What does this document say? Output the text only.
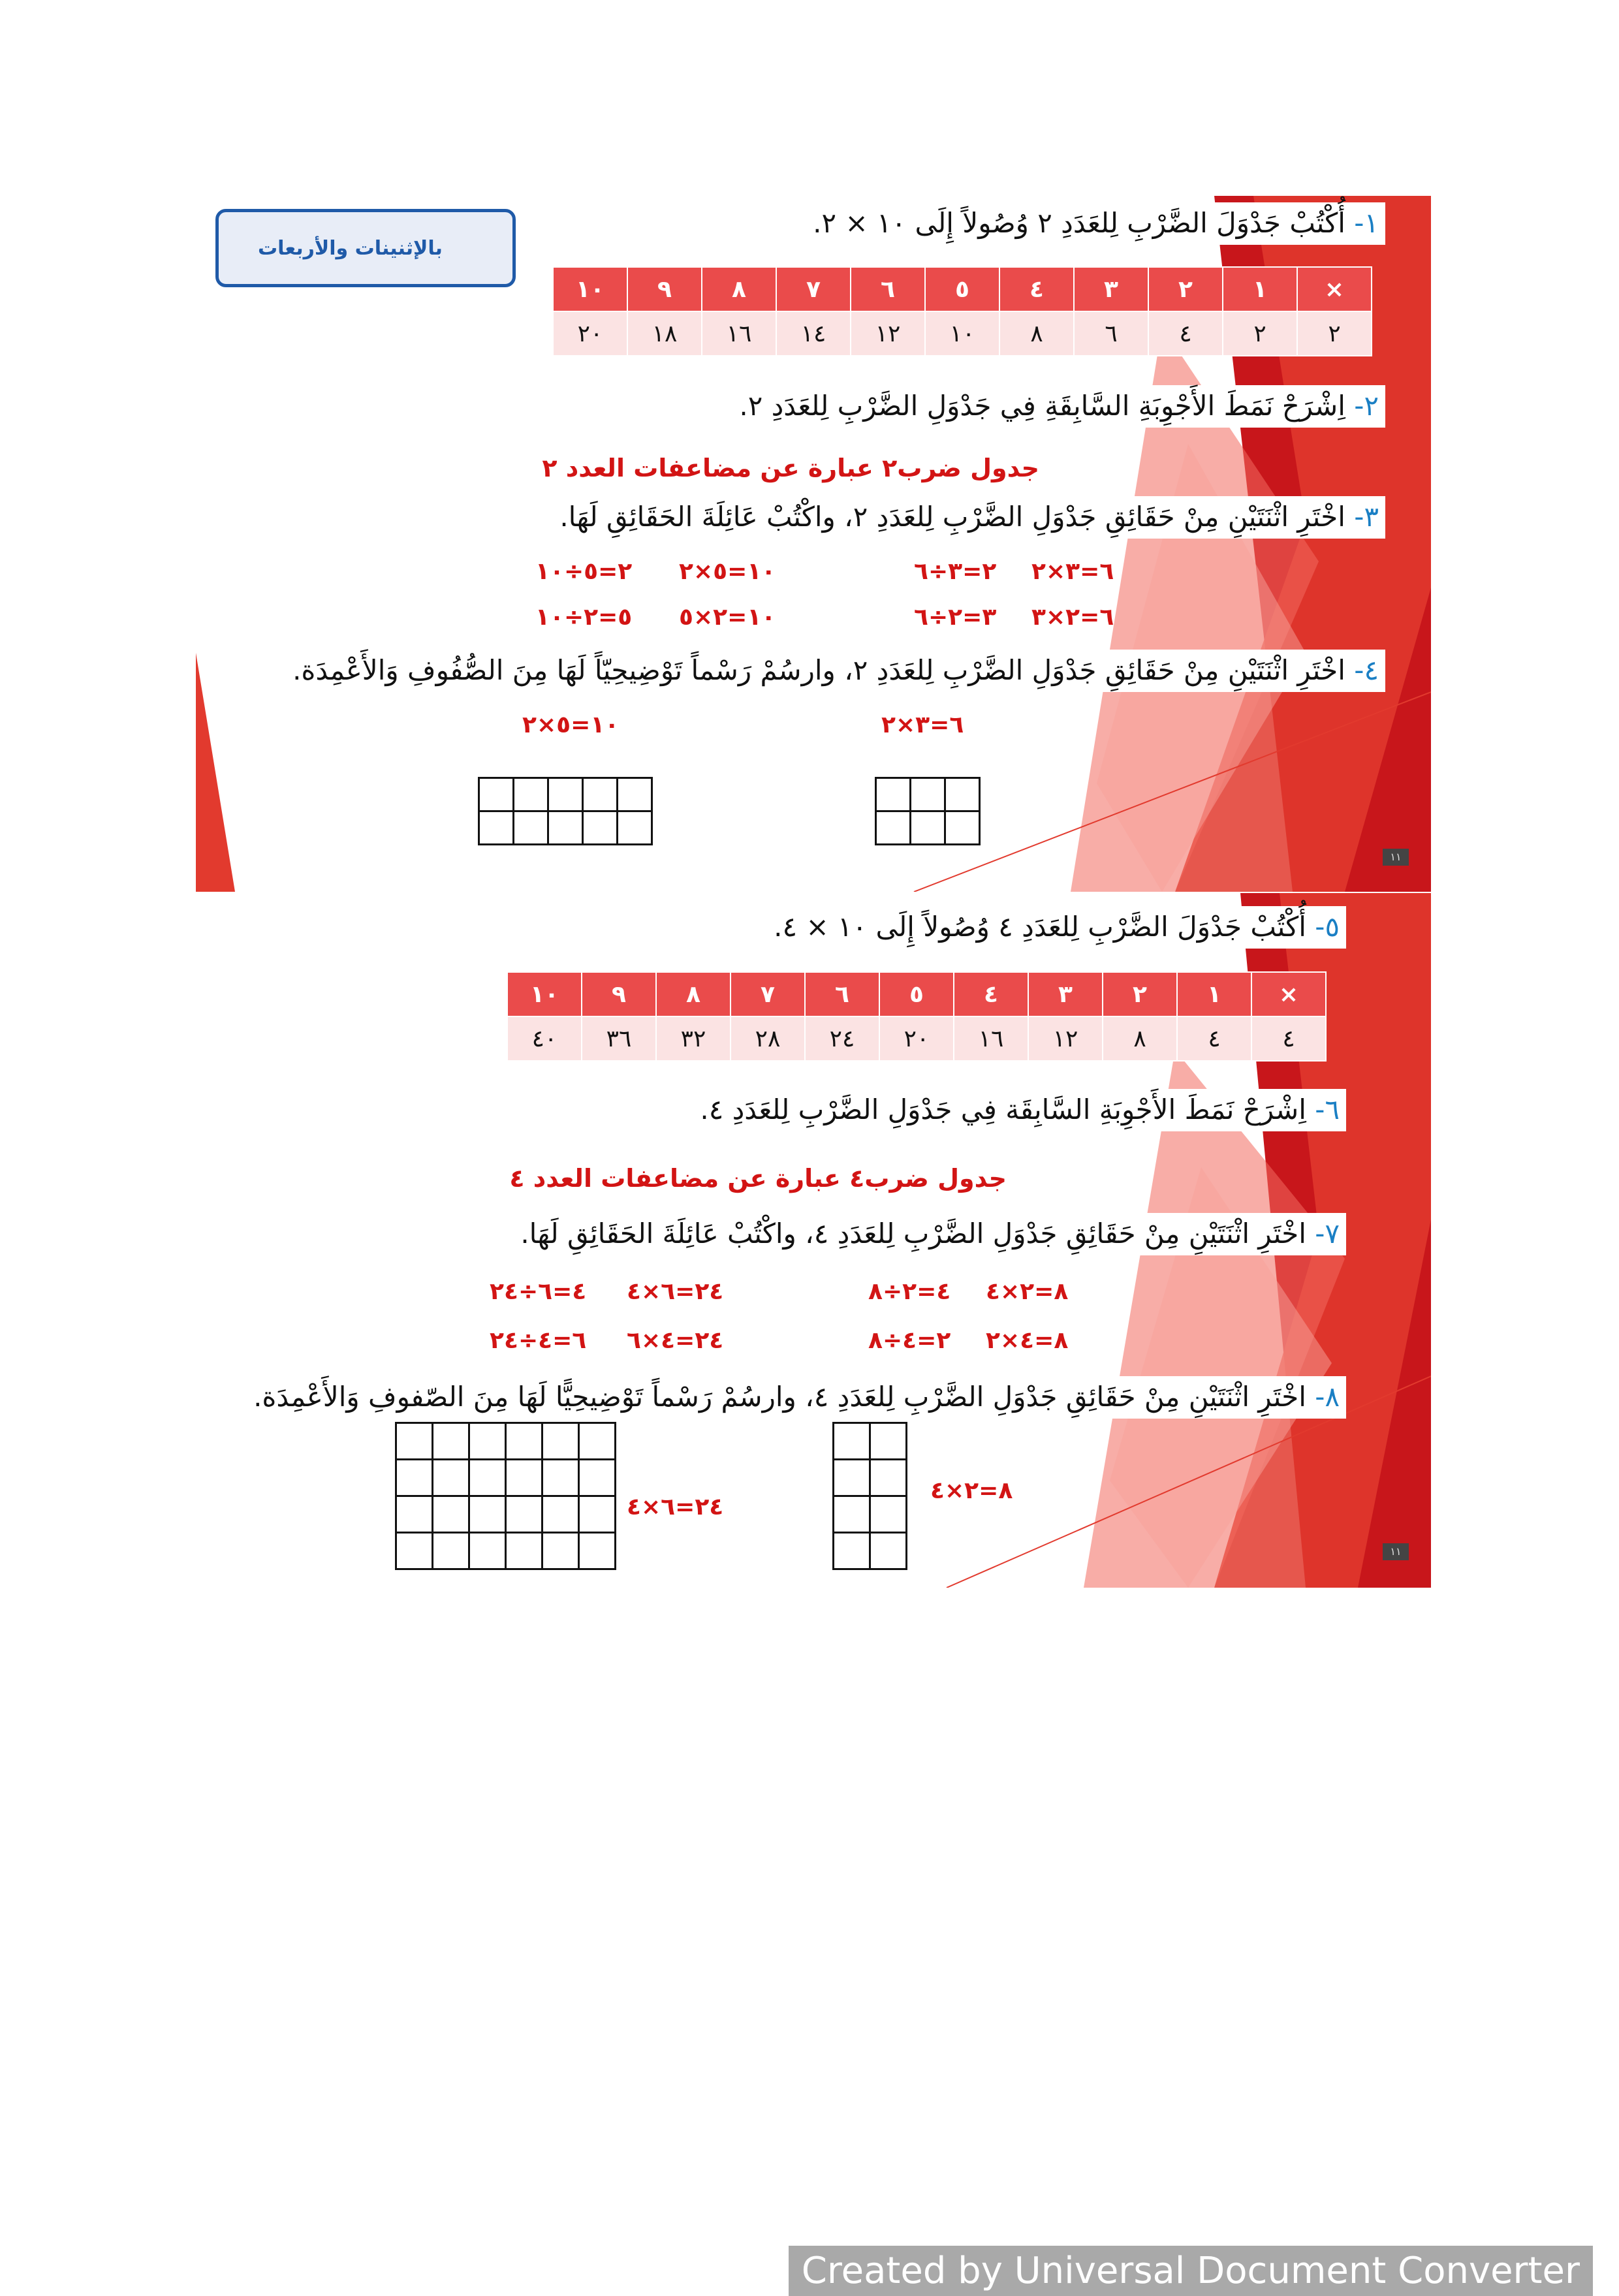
بالإثنينات والأربعات
١- أُكْتُبْ جَدْوَلَ الضَّرْبِ لِلعَدَدِ ٢ وُصُولاً إِلَى ١٠ × ٢.
×	١	٢	٣	٤	٥	٦	٧	٨	٩	١٠
٢	٢	٤	٦	٨	١٠	١٢	١٤	١٦	١٨	٢٠
٢- اِشْرَحْ نَمَطَ الأَجْوِبَةِ السَّابِقَةِ فِي جَدْوَلِ الضَّرْبِ لِلعَدَدِ ٢.
جدول ضرب٢ عبارة عن مضاعفات العدد ٢
٣- اخْتَرِ اثْنَتَيْنِ مِنْ حَقَائِقِ جَدْوَلِ الضَّرْبِ لِلعَدَدِ ٢، واكْتُبْ عَائِلَةَ الحَقَائِقِ لَهَا.
٢=٥÷١٠ ١٠=٥×٢	٢=٣÷٦ ٦=٣×٢
٥=٢÷١٠ ١٠=٢×٥	٣=٢÷٦ ٦=٢×٣
٤- اخْتَرِ اثْنَتَيْنِ مِنْ حَقَائِقِ جَدْوَلِ الضَّرْبِ لِلعَدَدِ ٢، وارسُمْ رَسْماً تَوْضِيحِيّاً لَهَا مِنَ الصُّفُوفِ وَالأَعْمِدَة.
١٠=٥×٢	٦=٣×٢
١١
٥- أُكْتُبْ جَدْوَلَ الضَّرْبِ لِلعَدَدِ ٤ وُصُولاً إِلَى ١٠ × ٤.
×	١	٢	٣	٤	٥	٦	٧	٨	٩	١٠
٤	٤	٨	١٢	١٦	٢٠	٢٤	٢٨	٣٢	٣٦	٤٠
٦- اِشْرَحْ نَمَطَ الأَجْوِبَةِ السَّابِقَة فِي جَدْوَلِ الضَّرْبِ لِلعَدَدِ ٤.
جدول ضرب٤ عبارة عن مضاعفات العدد ٤
٧- اخْتَرِ اثْنَتَيْنِ مِنْ حَقَائِقِ جَدْوَلِ الضَّرْبِ لِلعَدَدِ ٤، واكْتُبْ عَائِلَةَ الحَقَائِقِ لَهَا.
٤=٦÷٢٤ ٢٤=٦×٤	٤=٢÷٨ ٨=٢×٤
٦=٤÷٢٤ ٢٤=٤×٦	٢=٤÷٨ ٨=٤×٢
٨- اخْتَرِ اثْنَتَيْنِ مِنْ حَقَائِقِ جَدْوَلِ الضَّرْبِ لِلعَدَدِ ٤، وارسُمْ رَسْماً تَوْضِيحِيًّا لَهَا مِنَ الصّفوفِ وَالأَعْمِدَة.
٢٤=٦×٤
٨=٢×٤
١١
Created by Universal Document Converter
